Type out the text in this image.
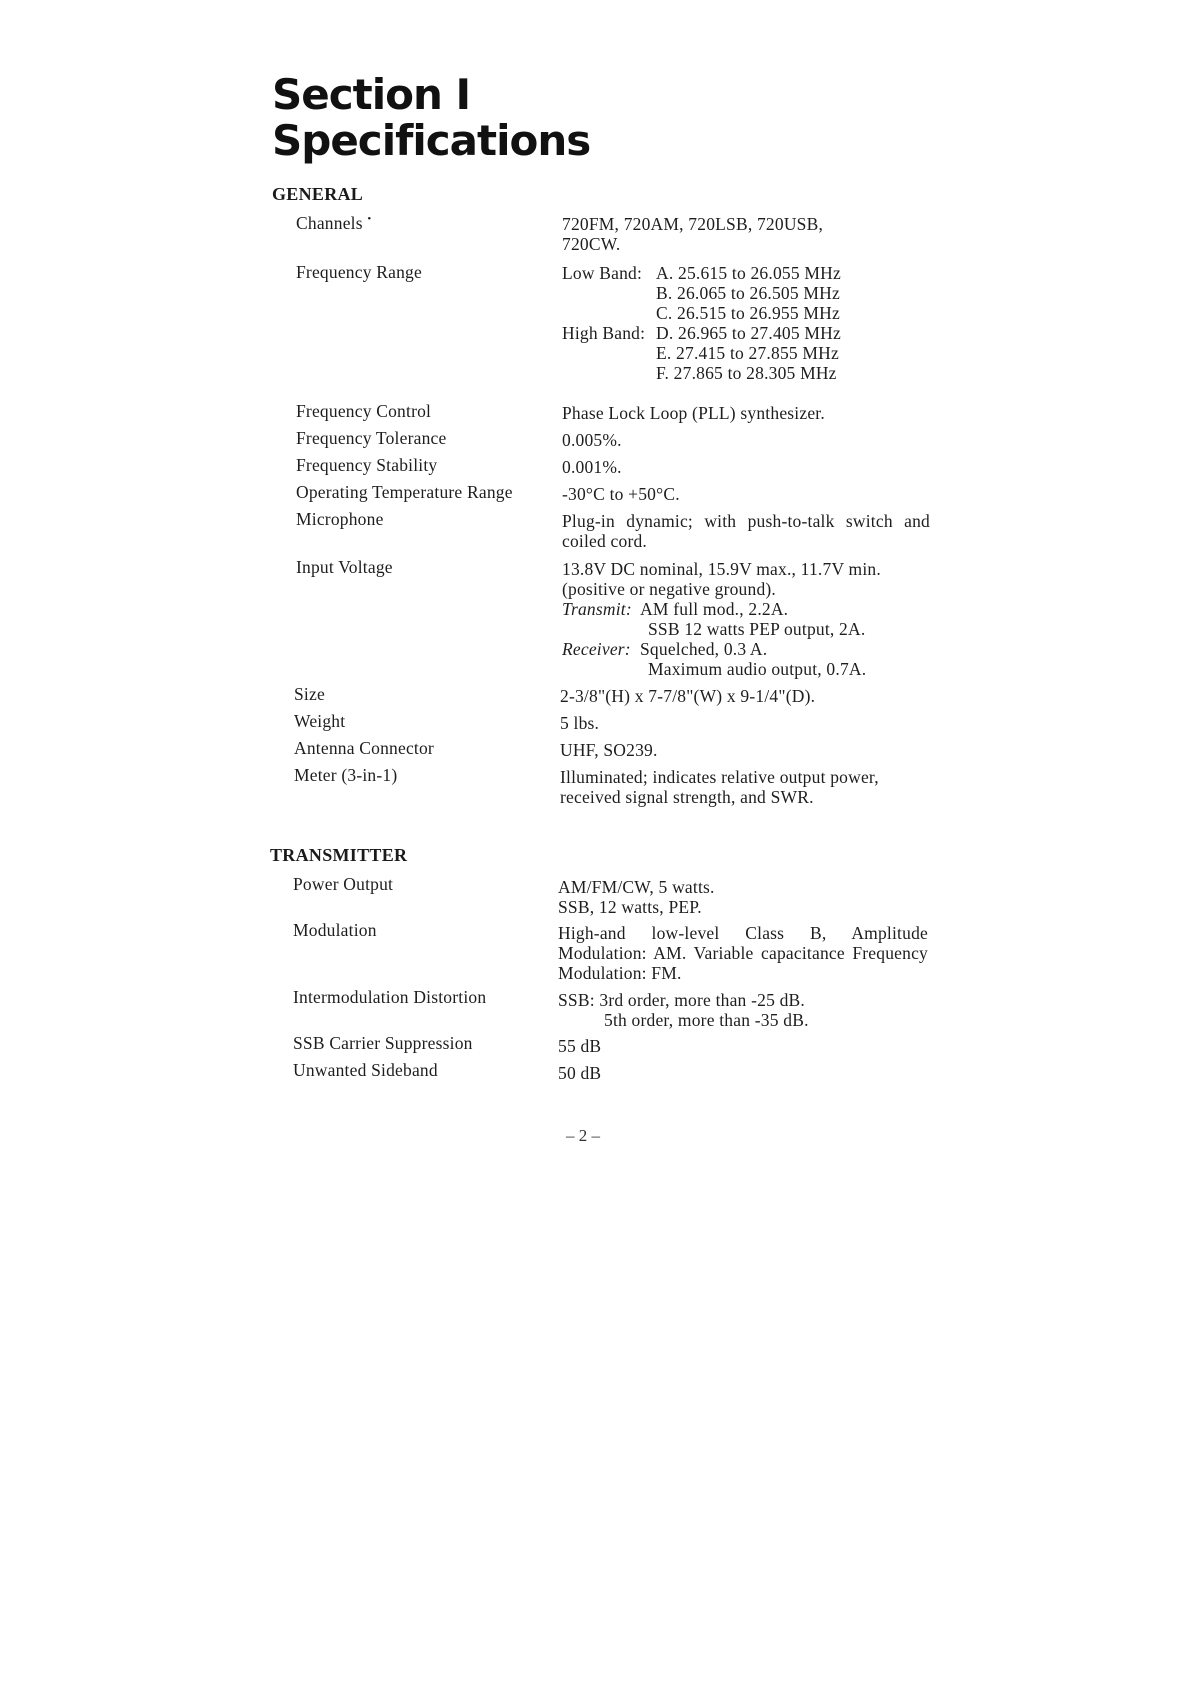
Section I
Specifications
GENERAL
Channels •	720FM, 720AM, 720LSB, 720USB,
720CW.
Frequency Range	Low Band: A. 25.615 to 26.055 MHz
B. 26.065 to 26.505 MHz
C. 26.515 to 26.955 MHz
High Band: D. 26.965 to 27.405 MHz
E. 27.415 to 27.855 MHz
F. 27.865 to 28.305 MHz
Frequency Control	Phase Lock Loop (PLL) synthesizer.
Frequency Tolerance	0.005%.
Frequency Stability	0.001%.
Operating Temperature Range	-30°C to +50°C.
Microphone	Plug-in dynamic; with push-to-talk switch and coiled cord.
Input Voltage	13.8V DC nominal, 15.9V max., 11.7V min.
(positive or negative ground).
Transmit: AM full mod., 2.2A.
SSB 12 watts PEP output, 2A.
Receiver: Squelched, 0.3 A.
Maximum audio output, 0.7A.
Size	2-3/8"(H) x 7-7/8"(W) x 9-1/4"(D).
Weight	5 lbs.
Antenna Connector	UHF, SO239.
Meter (3-in-1)	Illuminated; indicates relative output power,
received signal strength, and SWR.
TRANSMITTER
Power Output	AM/FM/CW, 5 watts.
SSB, 12 watts, PEP.
Modulation	High-and low-level Class B, Amplitude Modulation: AM. Variable capacitance Frequency Modulation: FM.
Intermodulation Distortion	SSB: 3rd order, more than -25 dB.
5th order, more than -35 dB.
SSB Carrier Suppression	55 dB
Unwanted Sideband	50 dB
– 2 –
